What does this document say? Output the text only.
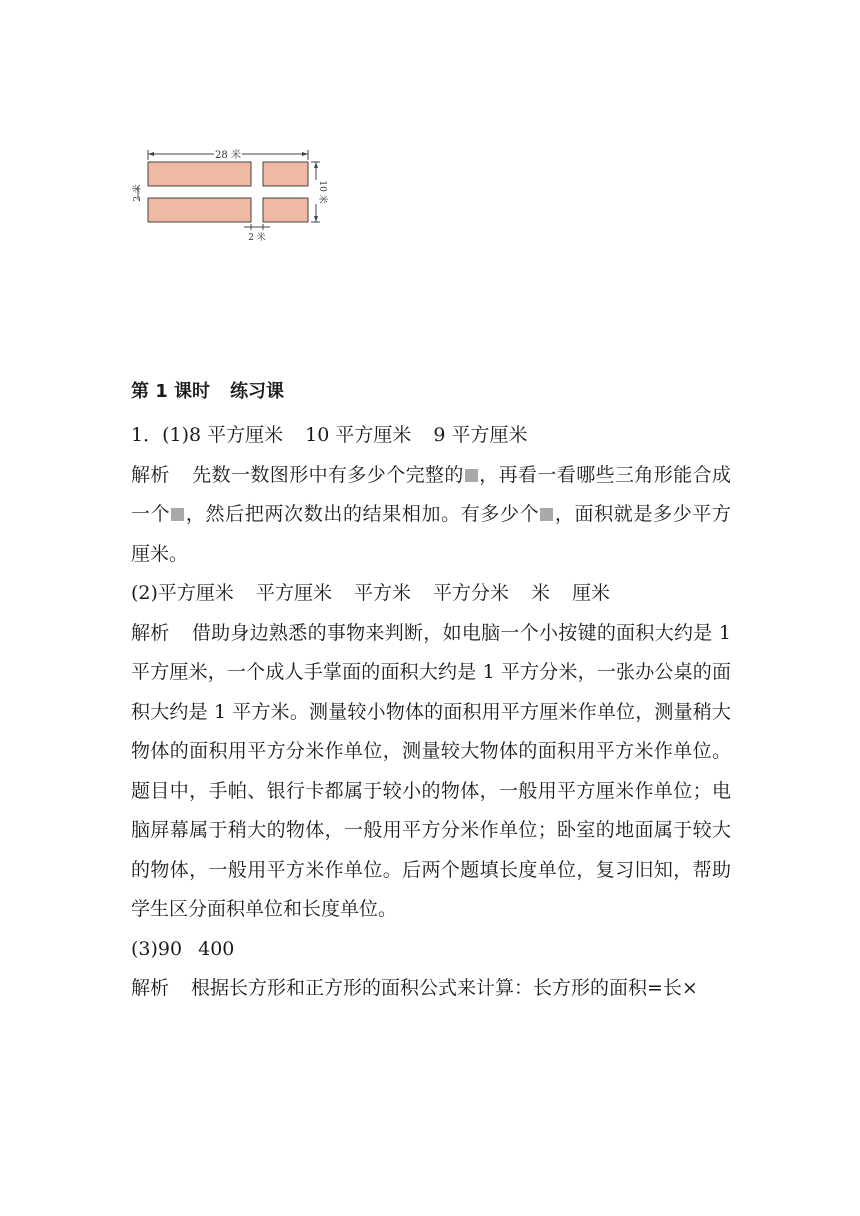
28 米
2 米	10 米
2 米
第 1 课时 练习课

1．(1)8 平方厘米 10 平方厘米 9 平方厘米

解析 先数一数图形中有多少个完整的 ，再看一看哪些三角形能合成一个 ，然后把两次数出的结果相加。有多少个 ，面积就是多少平方厘米。

(2)平方厘米 平方厘米 平方米 平方分米 米 厘米

解析 借助身边熟悉的事物来判断，如电脑一个小按键的面积大约是 1 平方厘米，一个成人手掌面的面积大约是 1 平方分米，一张办公桌的面积大约是 1 平方米。测量较小物体的面积用平方厘米作单位，测量稍大物体的面积用平方分米作单位，测量较大物体的面积用平方米作单位。题目中，手帕、银行卡都属于较小的物体，一般用平方厘米作单位；电脑屏幕属于稍大的物体，一般用平方分米作单位；卧室的地面属于较大的物体，一般用平方米作单位。后两个题填长度单位，复习旧知，帮助学生区分面积单位和长度单位。

(3)90 400

解析 根据长方形和正方形的面积公式来计算：长方形的面积=长×
